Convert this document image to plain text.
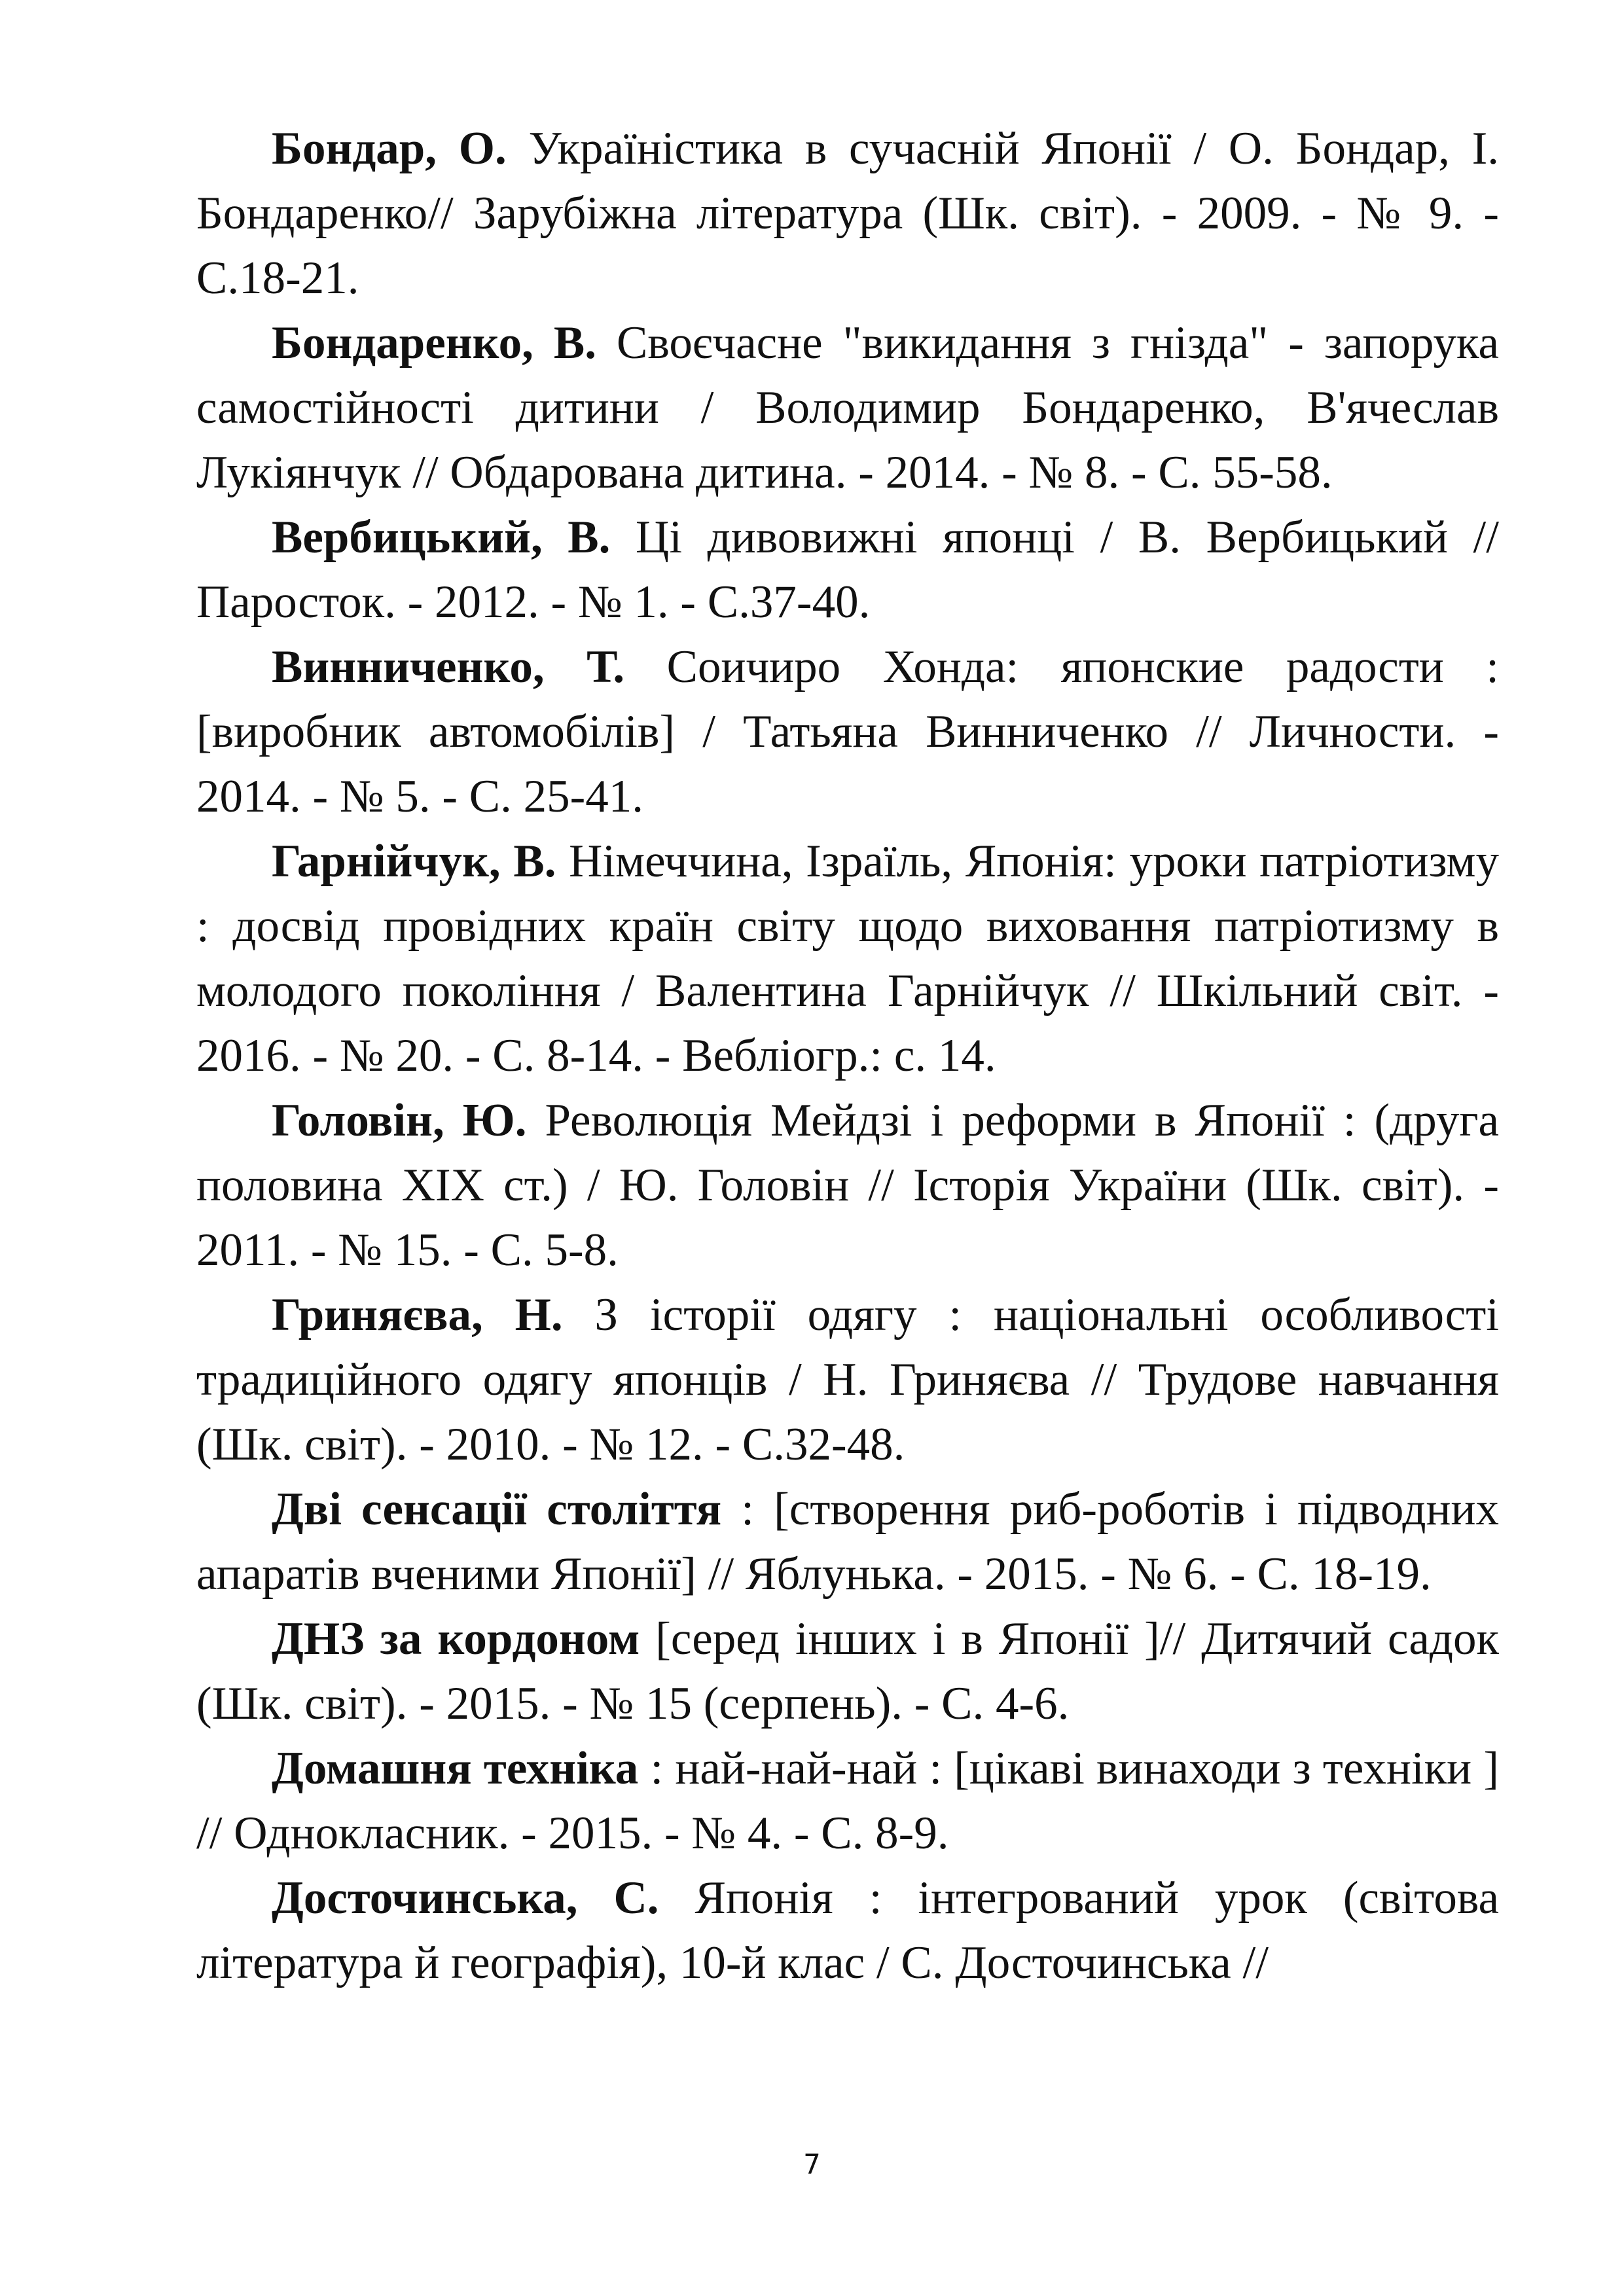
Бондар, О. Україністика в сучасній Японії / О. Бондар, І. Бондаренко// Зарубіжна література (Шк. світ). - 2009. - № 9. - С.18-21.

Бондаренко, В. Своєчасне "викидання з гнізда" - запорука самостійності дитини / Володимир Бондаренко, В'ячеслав Лукіянчук // Обдарована дитина. - 2014. - № 8. - С. 55-58.

Вербицький, В. Ці дивовижні японці / В. Вербицький // Паросток. - 2012. - № 1. - С.37-40.

Винниченко, Т. Соичиро Хонда: японские радости : [виробник автомобілів] / Татьяна Винниченко // Личности. - 2014. - № 5. - С. 25-41.

Гарнійчук, В. Німеччина, Ізраїль, Японія: уроки патріотизму : досвід провідних країн світу щодо виховання патріотизму в молодого покоління / Валентина Гарнійчук // Шкільний світ. - 2016. - № 20. - С. 8-14. - Вебліогр.: с. 14.

Головін, Ю. Революція Мейдзі і реформи в Японії : (друга половина XIX ст.) / Ю. Головін // Історія України (Шк. світ). - 2011. - № 15. - С. 5-8.

Гриняєва, Н. З історії одягу : національні особливості традиційного одягу японців / Н. Гриняєва // Трудове навчання (Шк. світ). - 2010. - № 12. - С.32-48.

Дві сенсації століття : [створення риб-роботів і підводних апаратів вченими Японії] // Яблунька. - 2015. - № 6. - С. 18-19.

ДНЗ за кордоном [серед інших і в Японії ]// Дитячий садок (Шк. світ). - 2015. - № 15 (серпень). - С. 4-6.

Домашня техніка : най-най-най : [цікаві винаходи з техніки ] // Однокласник. - 2015. - № 4. - С. 8-9.

Досточинська, С. Японія : інтегрований урок (світова література й географія), 10-й клас / С. Досточинська //

7
